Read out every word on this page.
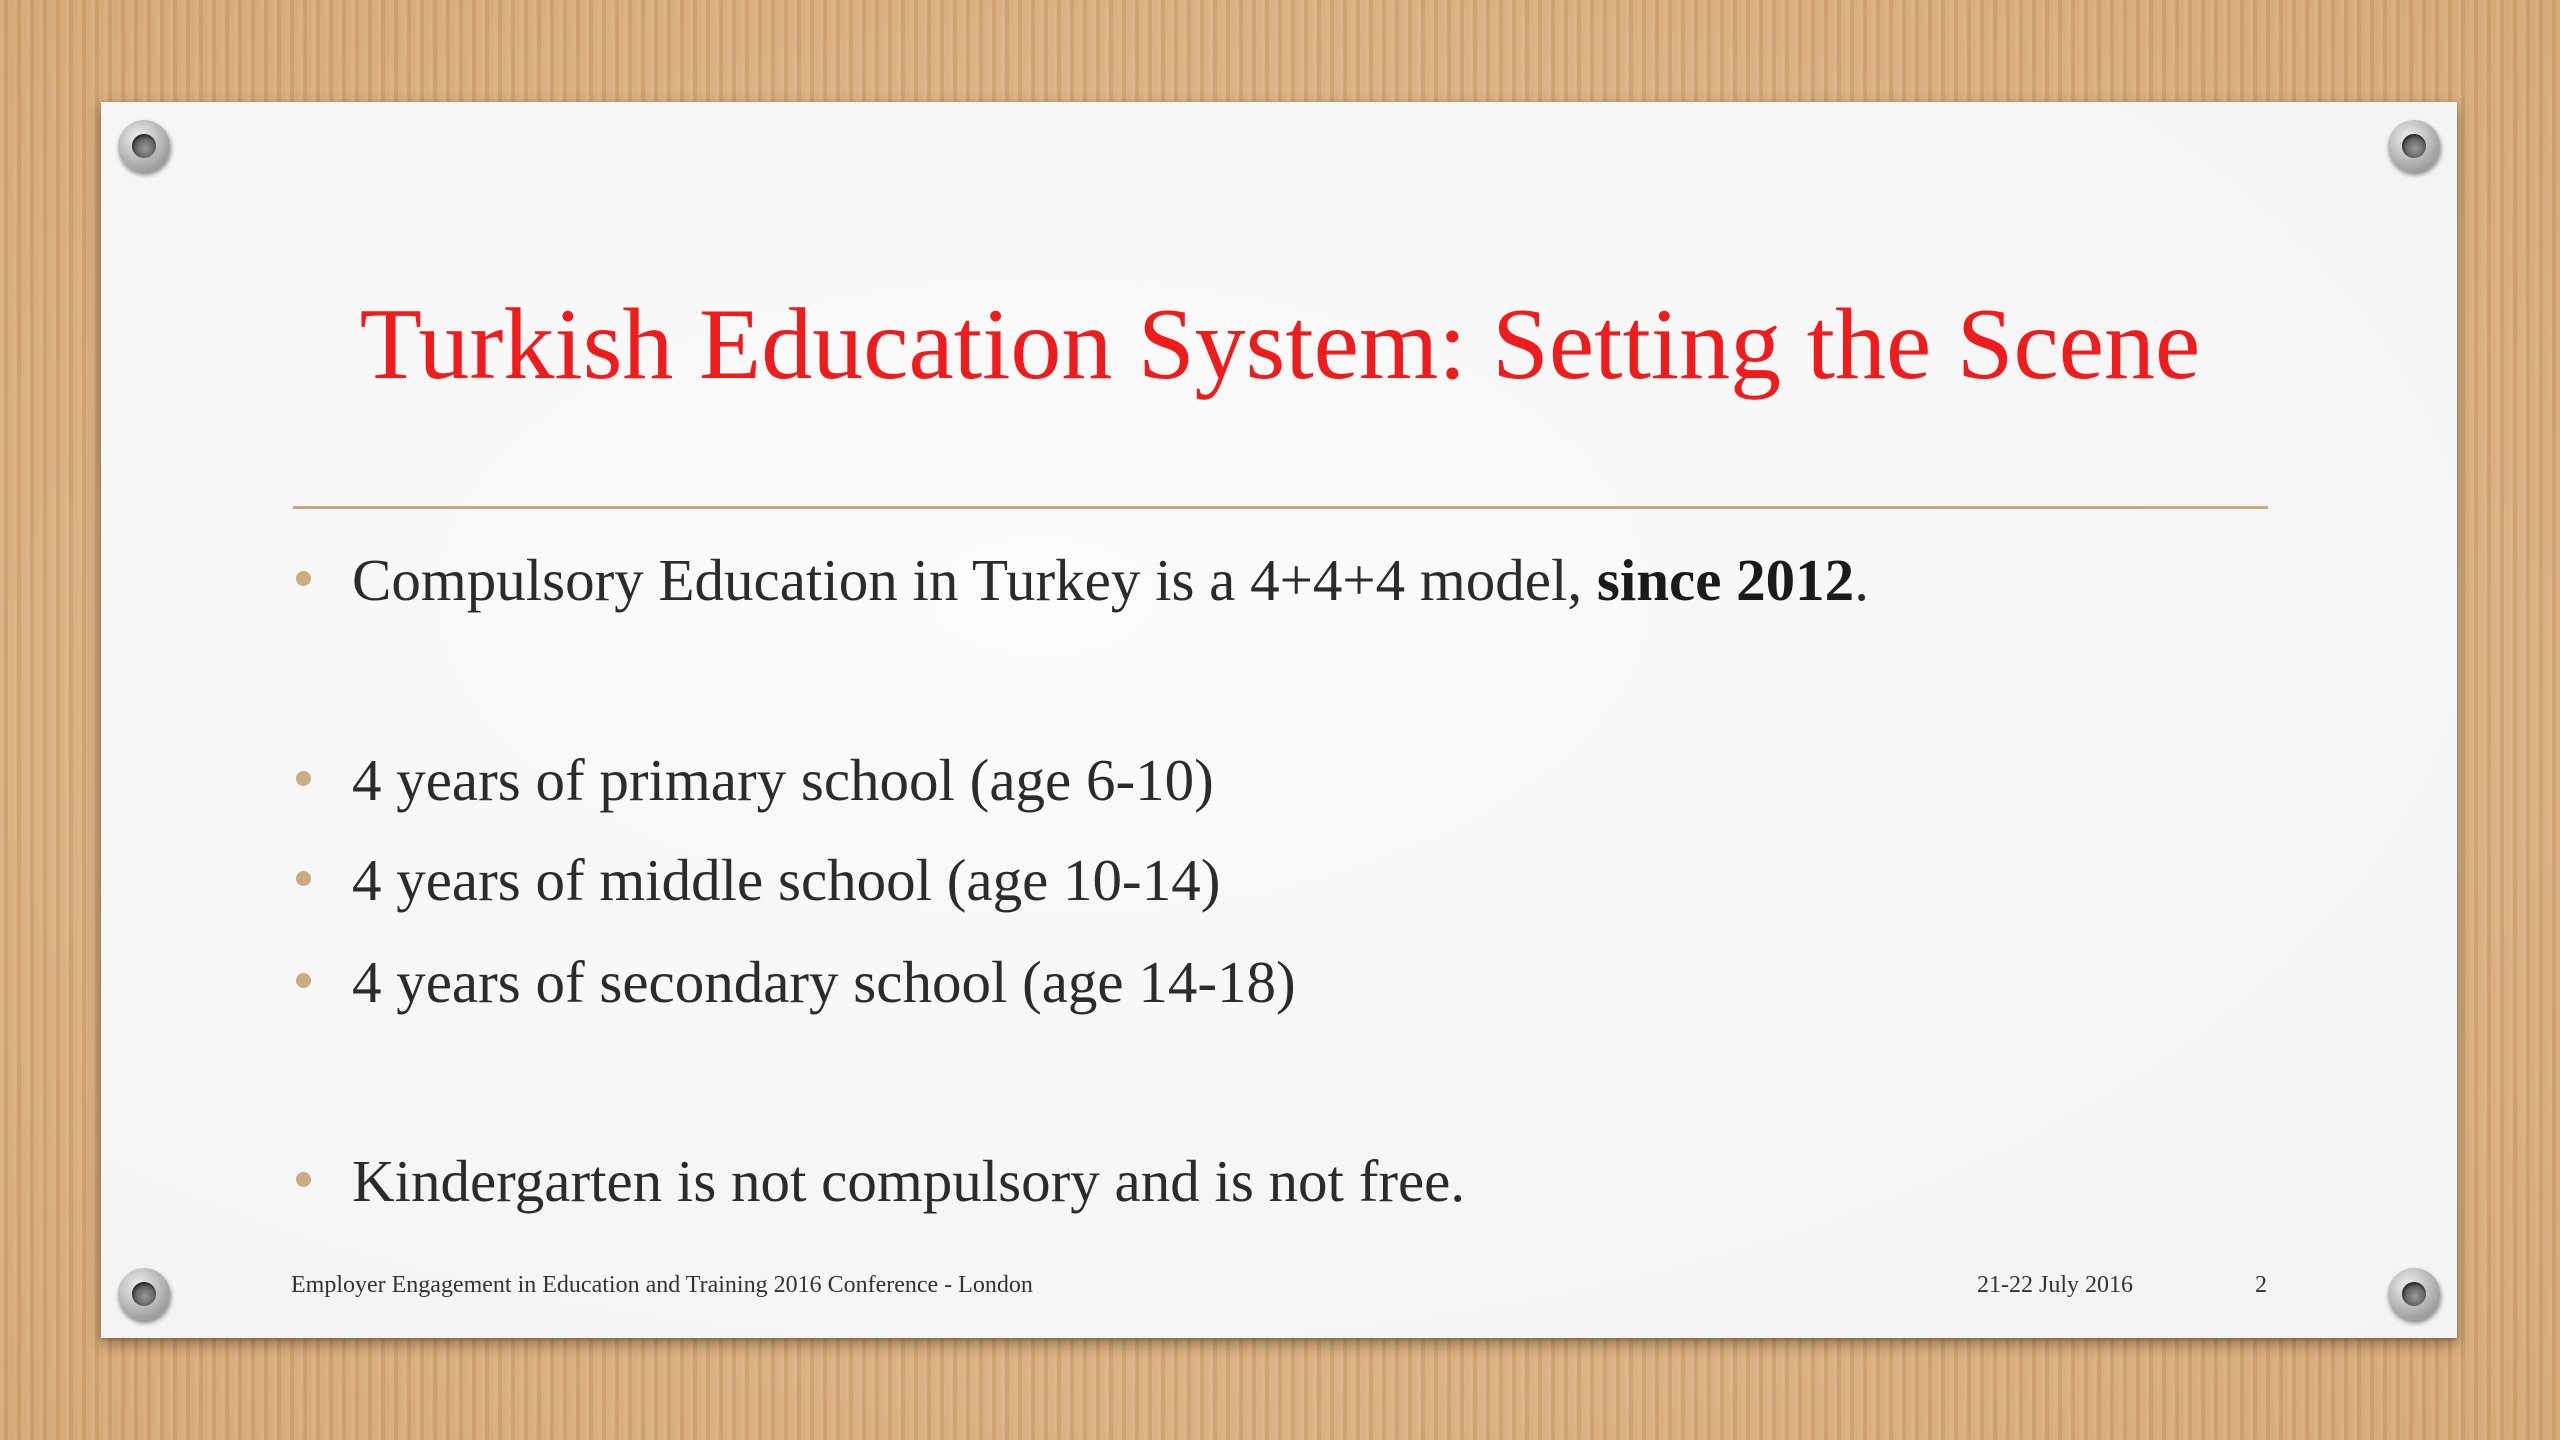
Turkish Education System: Setting the Scene
Compulsory Education in Turkey is a 4+4+4 model, since 2012.
4 years of primary school (age 6-10)
4 years of middle school (age 10-14)
4 years of secondary school (age 14-18)
Kindergarten is not compulsory and is not free.
Employer Engagement in Education and Training 2016 Conference - London	21-22 July 2016	2
